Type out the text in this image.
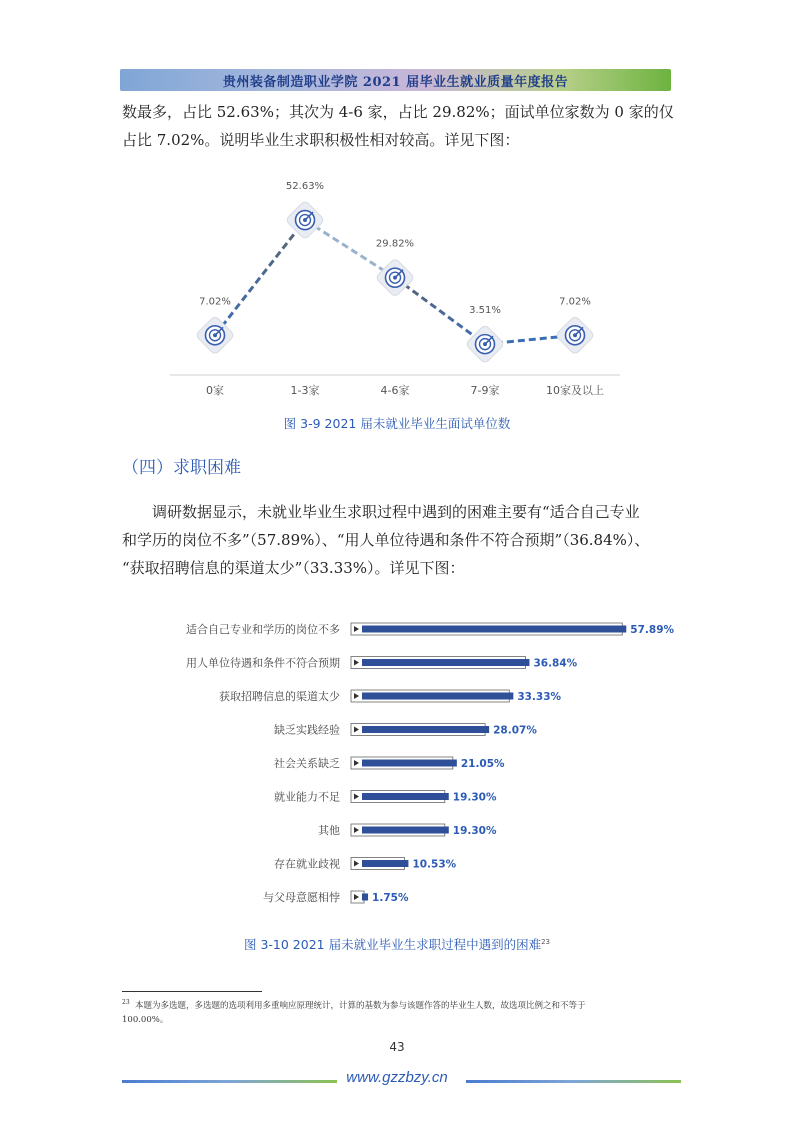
贵州装备制造职业学院 2021 届毕业生就业质量年度报告

数最多，占比 52.63%；其次为 4-6 家，占比 29.82%；面试单位家数为 0 家的仅

占比 7.02%。说明毕业生求职积极性相对较高。详见下图：

7.02%
0家
52.63%
1-3家
29.82%
4-6家
3.51%
7-9家
7.02%
10家及以上
图 3-9 2021 届未就业毕业生面试单位数
（四）求职困难

调研数据显示，未就业毕业生求职过程中遇到的困难主要有“适合自己专业

和学历的岗位不多”（57.89%）、“用人单位待遇和条件不符合预期”（36.84%）、

“获取招聘信息的渠道太少”（33.33%）。详见下图：

适合自己专业和学历的岗位不多	57.89%
用人单位待遇和条件不符合预期	36.84%
获取招聘信息的渠道太少	33.33%
缺乏实践经验	28.07%
社会关系缺乏	21.05%
就业能力不足	19.30%
其他	19.30%
存在就业歧视	10.53%
与父母意愿相悖	1.75%
图 3-10 2021 届未就业毕业生求职过程中遇到的困难$^{23}$
$^{23}$ 本题为多选题，多选题的选项利用多重响应原理统计，计算的基数为参与该题作答的毕业生人数，故选项比例之和不等于
100.00%。
43
www.gzzbzy.cn
